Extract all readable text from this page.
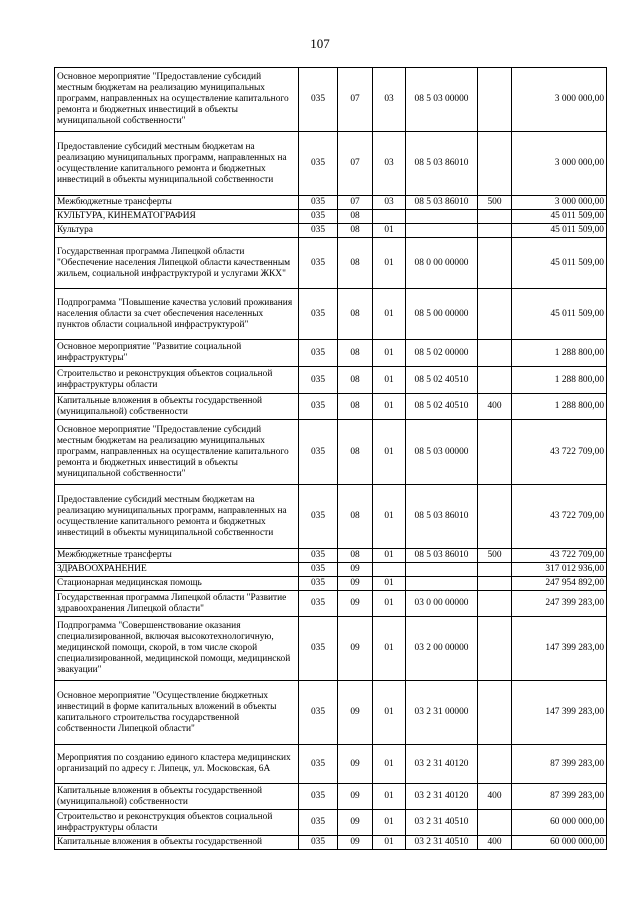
107
Основное мероприятие "Предоставление субсидий местным бюджетам на реализацию муниципальных программ, направленных на осуществление капитального ремонта и бюджетных инвестиций в объекты муниципальной собственности"	035	07	03	08 5 03 00000		3 000 000,00
Предоставление субсидий местным бюджетам на реализацию муниципальных программ, направленных на осуществление капитального ремонта и бюджетных инвестиций в объекты муниципальной собственности	035	07	03	08 5 03 86010		3 000 000,00
Межбюджетные трансферты	035	07	03	08 5 03 86010	500	3 000 000,00
КУЛЬТУРА, КИНЕМАТОГРАФИЯ	035	08				45 011 509,00
Культура	035	08	01			45 011 509,00
Государственная программа Липецкой области "Обеспечение населения Липецкой области качественным жильем, социальной инфраструктурой и услугами ЖКХ"	035	08	01	08 0 00 00000		45 011 509,00
Подпрограмма "Повышение качества условий проживания населения области за счет обеспечения населенных пунктов области социальной инфраструктурой"	035	08	01	08 5 00 00000		45 011 509,00
Основное мероприятие "Развитие социальной инфраструктуры"	035	08	01	08 5 02 00000		1 288 800,00
Строительство и реконструкция объектов социальной инфраструктуры области	035	08	01	08 5 02 40510		1 288 800,00
Капитальные вложения в объекты государственной (муниципальной) собственности	035	08	01	08 5 02 40510	400	1 288 800,00
Основное мероприятие "Предоставление субсидий местным бюджетам на реализацию муниципальных программ, направленных на осуществление капитального ремонта и бюджетных инвестиций в объекты муниципальной собственности"	035	08	01	08 5 03 00000		43 722 709,00
Предоставление субсидий местным бюджетам на реализацию муниципальных программ, направленных на осуществление капитального ремонта и бюджетных инвестиций в объекты муниципальной собственности	035	08	01	08 5 03 86010		43 722 709,00
Межбюджетные трансферты	035	08	01	08 5 03 86010	500	43 722 709,00
ЗДРАВООХРАНЕНИЕ	035	09				317 012 936,00
Стационарная медицинская помощь	035	09	01			247 954 892,00
Государственная программа Липецкой области "Развитие здравоохранения Липецкой области"	035	09	01	03 0 00 00000		247 399 283,00
Подпрограмма "Совершенствование оказания специализированной, включая высокотехнологичную, медицинской помощи, скорой, в том числе скорой специализированной, медицинской помощи, медицинской эвакуации"	035	09	01	03 2 00 00000		147 399 283,00
Основное мероприятие "Осуществление бюджетных инвестиций в форме капитальных вложений в объекты капитального строительства государственной собственности Липецкой области"	035	09	01	03 2 31 00000		147 399 283,00
Мероприятия по созданию единого кластера медицинских организаций по адресу г. Липецк, ул. Московская, 6А	035	09	01	03 2 31 40120		87 399 283,00
Капитальные вложения в объекты государственной (муниципальной) собственности	035	09	01	03 2 31 40120	400	87 399 283,00
Строительство и реконструкция объектов социальной инфраструктуры области	035	09	01	03 2 31 40510		60 000 000,00
Капитальные вложения в объекты государственной	035	09	01	03 2 31 40510	400	60 000 000,00
